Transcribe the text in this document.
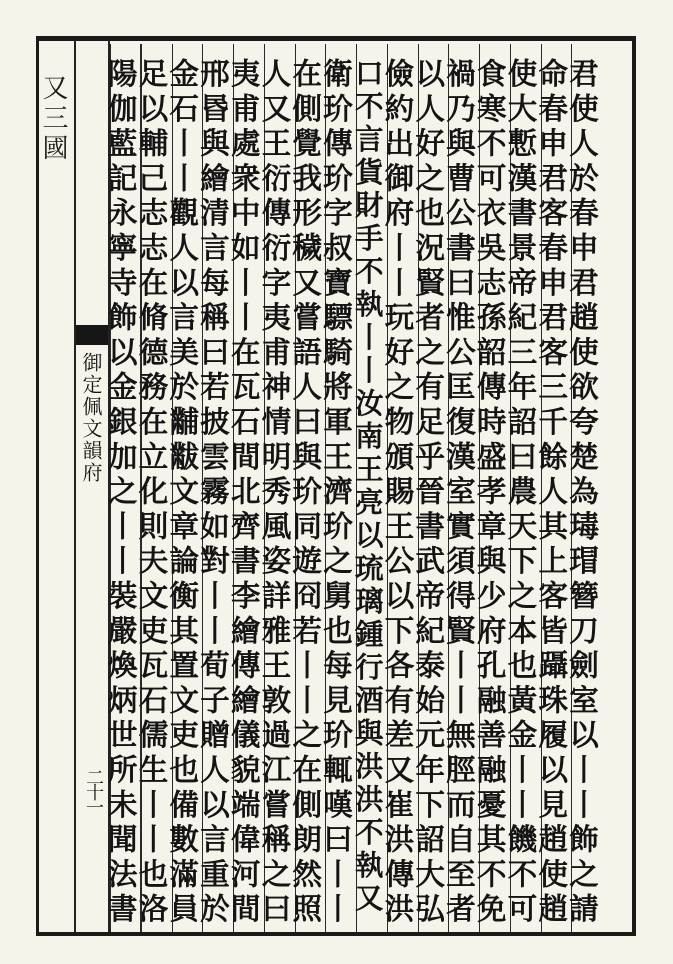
又三國
御定佩文韻府
二十一	君使人於春申君趙使欲夸楚為瑇瑁簪刀劍室以丨丨飾之請
命春申君客春申君客三千餘人其上客皆躡珠履以見趙使趙
使大慙漢書景帝紀三年詔曰農天下之本也黃金丨丨饑不可
食寒不可衣吳志孫韶傳時盛孝章與少府孔融善融憂其不免
禍乃與曹公書曰惟公匡復漢室實須得賢丨丨無脛而自至者
以人好之也況賢者之有足乎晉書武帝紀泰始元年下詔大弘
儉約出御府丨丨玩好之物頒賜王公以下各有差又崔洪傳洪
口不言貨財手不執丨丨汝南王亮以琉璃鍾行酒與洪洪不執又
衛玠傳玠字叔寶驃騎將軍王濟玠之舅也每見玠輒嘆曰丨丨
在側覺我形穢又嘗語人曰與玠同遊冏若丨丨之在側朗然照
人又王衍傳衍字夷甫神情明秀風姿詳雅王敦過江嘗稱之曰
夷甫處衆中如丨丨在瓦石間北齊書李繪傳繪儀貌端偉河間
邢昬與繪清言每稱曰若披雲霧如對丨丨荀子贈人以言重於
金石丨丨觀人以言美於黼黻文章論衡其置文吏也備數滿員
足以輔己志志在脩德務在立化則夫文吏瓦石儒生丨丨也洛
陽伽藍記永寧寺飾以金銀加之丨丨裝嚴煥炳世所未聞法書
